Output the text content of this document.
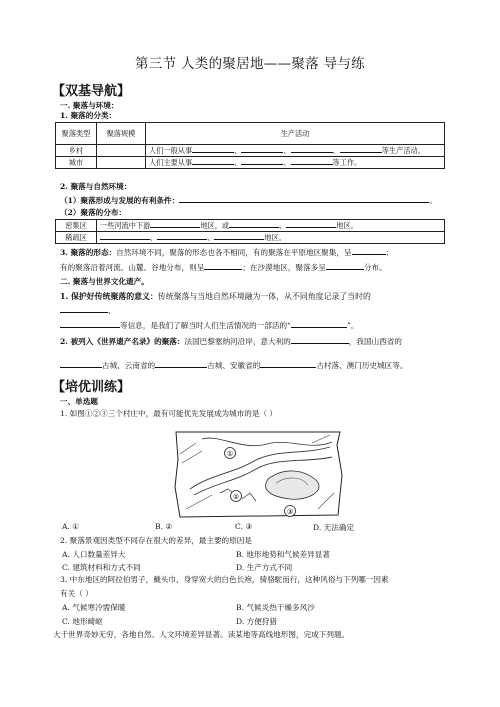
第三节 人类的聚居地——聚落 导与练
【双基导航】
一. 聚落与环境：
1. 聚落的分类：
聚落类型	聚落规模	生产活动
乡村		人们一般从事 、 、 、 等生产活动。
城市		人们主要从事 、 、 等工作。
2. 聚落与自然环境：
（1）聚落形成与发展的有利条件：	。
（2）聚落的分布：
密集区	一些河流中下游 地区，或 、 地区。
稀疏区	、 、 地区。
3. 聚落的形态：自然环境不同，聚落的形态也各不相同，有的聚落在平原地区聚集，呈	；
有的聚落沿着河流、山麓、谷地分布，则呈	；在沙漠地区，聚落多呈	分布。
二. 聚落与世界文化遗产。
1. 保护好传统聚落的意义：传统聚落与当地自然环境融为一体，从不同角度记录了当时的
、
等信息，是我们了解当时人们生活情况的一部活的“	”。
2. 被列入《世界遗产名录》的聚落：法国巴黎塞纳河沿岸，意大利的	，我国山西省的
古城、云南省的	古城、安徽省的	古村落、澳门历史城区等。
【培优训练】
一、单选题
1. 如图①②③三个村庄中，最有可能优先发展成为城市的是（ ）
①
②
③
A. ①	B. ②	C. ③	D. 无法确定
2. 聚落景观因类型不同存在很大的差异，最主要的原因是
A. 人口数量差异大	B. 地形地势和气候差异显著
C. 建筑材料和方式不同	D. 生产方式不同
3. 中东地区的阿拉伯男子，戴头巾、身穿宽大的白色长袍，骑骆駝而行，这种风俗与下列哪一因素
有关（ ）
A. 气候寒冷需保暖	B. 气候炎热干燥多风沙
C. 地形崎岖	D. 方便狩猎
大千世界奇妙无穷，各地自然、人文环境差异显著。读某地等高线地形图，完成下列题。
